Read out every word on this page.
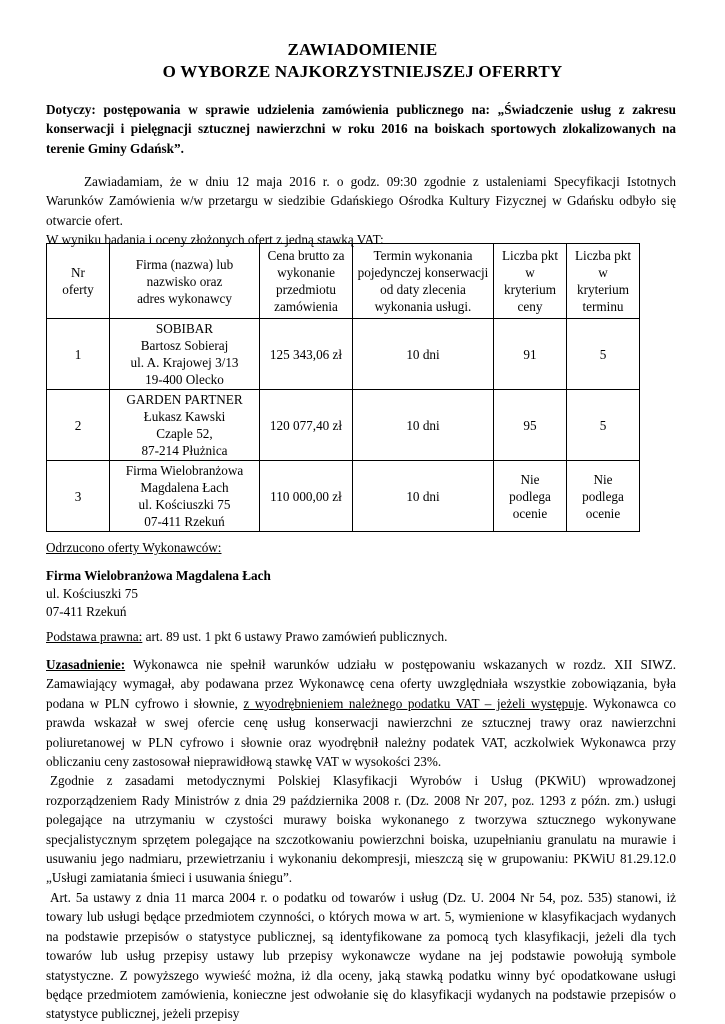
ZAWIADOMIENIE
O WYBORZE NAJKORZYSTNIEJSZEJ OFERRTY
Dotyczy: postępowania w sprawie udzielenia zamówienia publicznego na: „Świadczenie usług z zakresu konserwacji i pielęgnacji sztucznej nawierzchni w roku 2016 na boiskach sportowych zlokalizowanych na terenie Gminy Gdańsk”.

Zawiadamiam, że w dniu 12 maja 2016 r. o godz. 09:30 zgodnie z ustaleniami Specyfikacji Istotnych Warunków Zamówienia w/w przetargu w siedzibie Gdańskiego Ośrodka Kultury Fizycznej w Gdańsku odbyło się otwarcie ofert.

W wyniku badania i oceny złożonych ofert z jedną stawką VAT:

Nr
oferty	Firma (nazwa) lub
nazwisko oraz
adres wykonawcy	Cena brutto za
wykonanie
przedmiotu
zamówienia	Termin wykonania
pojedynczej konserwacji
od daty zlecenia
wykonania usługi.	Liczba pkt
w
kryterium
ceny	Liczba pkt
w
kryterium
terminu
1	SOBIBAR
Bartosz Sobieraj
ul. A. Krajowej 3/13
19-400 Olecko	125 343,06 zł	10 dni	91	5
2	GARDEN PARTNER
Łukasz Kawski
Czaple 52,
87-214 Płużnica	120 077,40 zł	10 dni	95	5
3	Firma Wielobranżowa
Magdalena Łach
ul. Kościuszki 75
07-411 Rzekuń	110 000,00 zł	10 dni	Nie
podlega
ocenie	Nie
podlega
ocenie
Odrzucono oferty Wykonawców:
Firma Wielobranżowa Magdalena Łach
ul. Kościuszki 75
07-411 Rzekuń
Podstawa prawna: art. 89 ust. 1 pkt 6 ustawy Prawo zamówień publicznych.

Uzasadnienie: Wykonawca nie spełnił warunków udziału w postępowaniu wskazanych w rozdz. XII SIWZ. Zamawiający wymagał, aby podawana przez Wykonawcę cena oferty uwzględniała wszystkie zobowiązania, była podana w PLN cyfrowo i słownie, z wyodrębnieniem należnego podatku VAT – jeżeli występuje. Wykonawca co prawda wskazał w swej ofercie cenę usług konserwacji nawierzchni ze sztucznej trawy oraz nawierzchni poliuretanowej w PLN cyfrowo i słownie oraz wyodrębnił należny podatek VAT, aczkolwiek Wykonawca przy obliczaniu ceny zastosował nieprawidłową stawkę VAT w wysokości 23%.

Zgodnie z zasadami metodycznymi Polskiej Klasyfikacji Wyrobów i Usług (PKWiU) wprowadzonej rozporządzeniem Rady Ministrów z dnia 29 października 2008 r. (Dz. 2008 Nr 207, poz. 1293 z późn. zm.) usługi polegające na utrzymaniu w czystości murawy boiska wykonanego z tworzywa sztucznego wykonywane specjalistycznym sprzętem polegające na szczotkowaniu powierzchni boiska, uzupełnianiu granulatu na murawie i usuwaniu jego nadmiaru, przewietrzaniu i wykonaniu dekompresji, mieszczą się w grupowaniu: PKWiU 81.29.12.0 „Usługi zamiatania śmieci i usuwania śniegu”.

Art. 5a ustawy z dnia 11 marca 2004 r. o podatku od towarów i usług (Dz. U. 2004 Nr 54, poz. 535) stanowi, iż towary lub usługi będące przedmiotem czynności, o których mowa w art. 5, wymienione w klasyfikacjach wydanych na podstawie przepisów o statystyce publicznej, są identyfikowane za pomocą tych klasyfikacji, jeżeli dla tych towarów lub usług przepisy ustawy lub przepisy wykonawcze wydane na jej podstawie powołują symbole statystyczne. Z powyższego wywieść można, iż dla oceny, jaką stawką podatku winny być opodatkowane usługi będące przedmiotem zamówienia, konieczne jest odwołanie się do klasyfikacji wydanych na podstawie przepisów o statystyce publicznej, jeżeli przepisy
